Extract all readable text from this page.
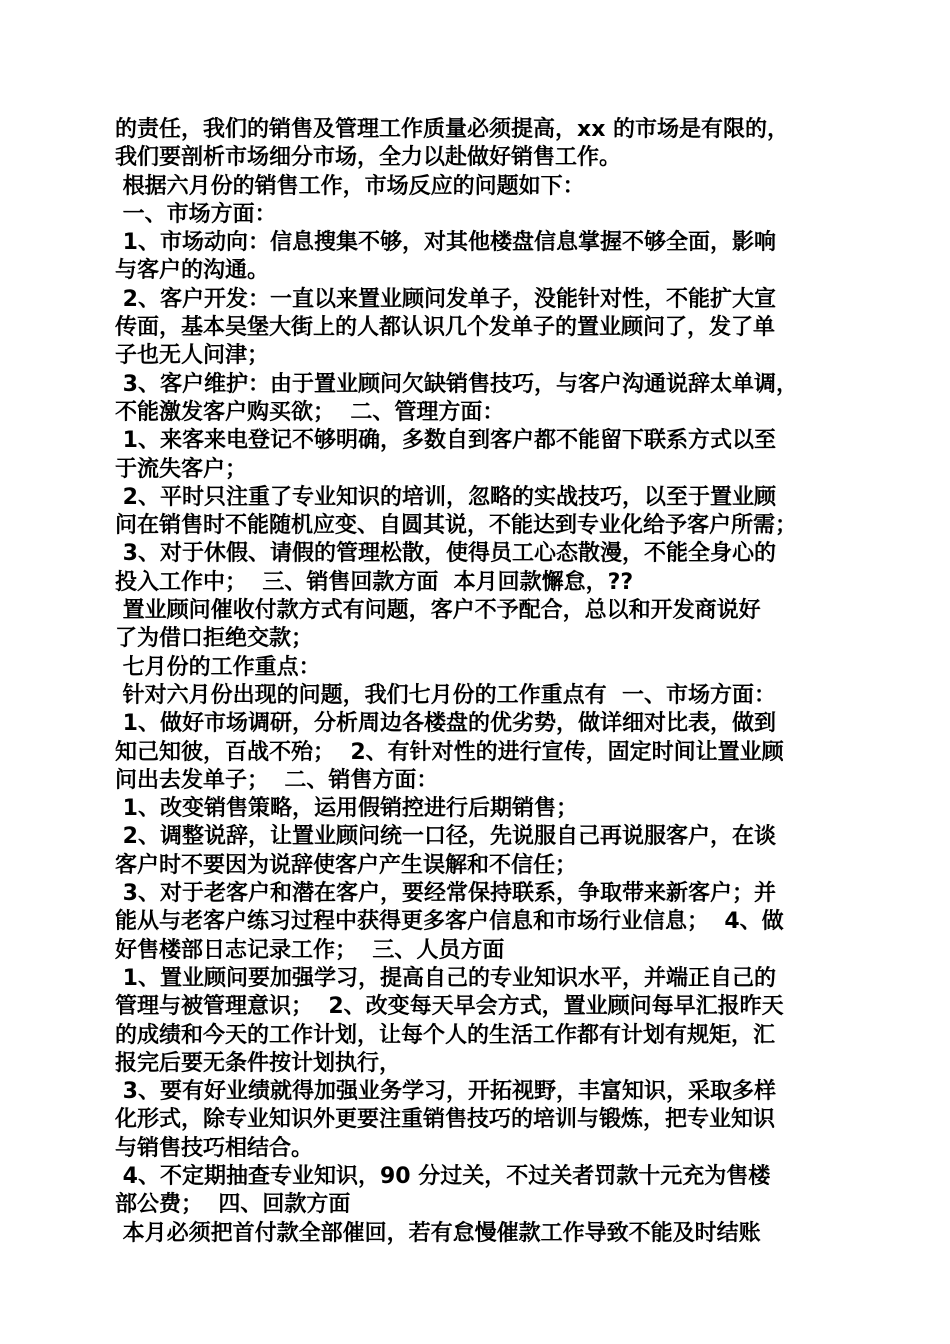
的责任，我们的销售及管理工作质量必须提高，xx 的市场是有限的，
我们要剖析市场细分市场，全力以赴做好销售工作。
根据六月份的销售工作，市场反应的问题如下：
一、市场方面：
1、市场动向：信息搜集不够，对其他楼盘信息掌握不够全面，影响
与客户的沟通。
2、客户开发：一直以来置业顾问发单子，没能针对性，不能扩大宣
传面，基本吴堡大街上的人都认识几个发单子的置业顾问了，发了单
子也无人问津；
3、客户维护：由于置业顾问欠缺销售技巧，与客户沟通说辞太单调，
不能激发客户购买欲；  二、管理方面：
1、来客来电登记不够明确，多数自到客户都不能留下联系方式以至
于流失客户；
2、平时只注重了专业知识的培训，忽略的实战技巧，以至于置业顾
问在销售时不能随机应变、自圆其说，不能达到专业化给予客户所需；
3、对于休假、请假的管理松散，使得员工心态散漫，不能全身心的
投入工作中；  三、销售回款方面  本月回款懈怠，??
置业顾问催收付款方式有问题，客户不予配合，总以和开发商说好
了为借口拒绝交款；
七月份的工作重点：
针对六月份出现的问题，我们七月份的工作重点有  一、市场方面：
1、做好市场调研，分析周边各楼盘的优劣势，做详细对比表，做到
知己知彼，百战不殆；  2、有针对性的进行宣传，固定时间让置业顾
问出去发单子；  二、销售方面：
1、改变销售策略，运用假销控进行后期销售；
2、调整说辞，让置业顾问统一口径，先说服自己再说服客户，在谈
客户时不要因为说辞使客户产生误解和不信任；
3、对于老客户和潜在客户，要经常保持联系，争取带来新客户；并
能从与老客户练习过程中获得更多客户信息和市场行业信息；  4、做
好售楼部日志记录工作；  三、人员方面
1、置业顾问要加强学习，提高自己的专业知识水平，并端正自己的
管理与被管理意识；  2、改变每天早会方式，置业顾问每早汇报昨天
的成绩和今天的工作计划，让每个人的生活工作都有计划有规矩，汇
报完后要无条件按计划执行，
3、要有好业绩就得加强业务学习，开拓视野，丰富知识，采取多样
化形式，除专业知识外更要注重销售技巧的培训与锻炼，把专业知识
与销售技巧相结合。
4、不定期抽查专业知识，90 分过关，不过关者罚款十元充为售楼
部公费；  四、回款方面
本月必须把首付款全部催回，若有怠慢催款工作导致不能及时结账
